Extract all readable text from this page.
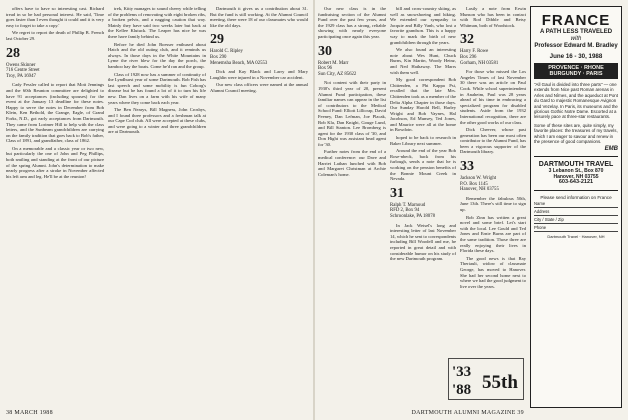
offers have to have so interesting cast. Richard tread in so be had personal interest. He said, 'Time goes faster than I even thought it could and it is very easy to forget to take a copy.'

We regret to report the death of Phillip B. French last October 29.

28
Owens Skinner
716 Centre Street
Troy, PA 16947

Cady Fessler called to report that Mott Jennings and the 60th Reunion committee are delighted to have 91 acceptances (including spouses) for the event at the January 13 deadline for these notes. Happy to serve the notes in December from Bob Klein, Ken Bethold, the Grange, Eagle, of Grand Forks, N.D., got early acceptances from Dartmouth. They came from Lorimer Hill to help with the class letters, and the Sunbeam grandchildren are carrying on the family tradition that goes back to Bob's father, Class of 1891, and grandfather, class of 1862.

On a memorable and a classic year or two new, but particularly the one of John and Peg Phillips, both smiling and standing at the front of our picture of the spring Alumni. John's determination to make nearly progress after a stroke in November affected his left arm and leg. He'll be at the reunion!

trek, Kitty manages to sound cheery while telling of the problems of renovating with eight broken ribs, a broken pelvis, and a nagging caution that way. Mainly they have said two weeks later but back at the Kellee Klutuck. The Leaper has nice he was there have family behind us.

Before he died John Boesser enthused about Hatch and the old outing club, and it reminds us always. In those days in the White Mountains in Lyme the river blew for the day the porch, the bamboo hay the boats. Come he'd ran and the group.

Class of 1928 now has a summer of continuity of the Lyndhurst year of some Dartmouth. Bob Fish has last speech and some mobility is fun Coborg's disease but he has found a lot of it to turn his life new. Dan lives on a farm with his wife of many years where they come back each year.

The Ben Nearys, Bill Magness, John Crosbys, and I found three professors and a freshman talk at our Cape Cod club. All were accepted at these clubs, and were going to a winter and three grandchildren are at Dartmouth.

Dartmouth it gives us a contribution about 31. But the fund is still working. At the Alumni Council meeting, there were 18 of our classmates who would like the old days.

29
Harold C. Ripley
Box 290
Menemsha Beach, MA 02553

Dick and Kay Black and Larry and Mary Laughlin were injured in a November car accident.

Our new class officers were named at the annual Alumni Council meeting.

38 MARCH 1988

Our new class is in the fundraising section of the Alumni Fund over the past few years, and the 1929 class has a strong, reliable showing with nearly everyone participating once again this year.

30
Robert M. Marr
Box 96
Sun City, AZ 85622

Not content with their party in 1930's third year of 20, present Alumni Fund participation, these familiar names can appear in the list of contributors to the Medical School Fund: Elliott Lillicrap, David Feeney, Dan Lefman, Joe Placak, Bob Kla, Dan Knight, Gouge Lund, and Bill Stanton. Lee Bromberg is agent for the 1930 class of '30, and Don Hight was assistant head agent for '30.

Further notes from the end of a medical conference: our Dave and Harriet Lathan lunched with Bob and Margaret Christman at Archie Coleman's home.

bill and cross-country skiing, as well as snowshoeing and hiking. We extended our sympathy to Jacquie and Billy Vanh, who lost a favorite grandson. This is a happy way to mark the birth of new grandchildren through the years.

We also found an interesting note about Wes Hunt, Chuck Burns, Kin Martin, Woody Heinz, and Ned Hathaway. The Marrs wish them well.

My good correspondent Bob Chittenden, a Phi Kappa Psi, recalled that the late Mrs. Chittenden took as a member of the Delta Alpha Chapter in those days. Our Sunday Harold Bell, Harley Wright and Bob Vaynes, Hal Jacobson, Ed Munsey, Ted Jones, and Maurice were all at the home in Bowdoin.

hoped to be back to research in Baker Library next summer.

Around the end of the year Bob Rose-nbeck, back from his furlough, sends a note that he is working on the pension benefits of the Bonnie Mount Creek in Nevada.

31
Ralph T. Marnoud
RFD 2, Box 94
Schroonlake, PA 18078

In Jack Weisel's long and interesting letter of last November 14, which he sent to correspondents including Bill Woodell and me, he reported in great detail and with considerable humor on his study of the new Dartmouth program.

Lastly a note from Erwin Munson who has been in contact with Rod Dibble and Betsy Whitman, both of Woodstock.

32
Harry F. Rowe
Box 296
Gorham, NH 03581

For those who missed the Los Angeles Times of last November 30 there was an article on Paul Cook. While school superintendent in Anaheim, Paul was 28 years ahead of his time in embracing a specialized program for disabled students. Aside from the 1932 International recognition, there are the other good works of our class.

Dick Cheever, whose past generation has been our most often contributor to the Alumni Fund, has been a vigorous supporter of the Dartmouth library.

33
Jackson W. Wright
P.O. Box 1145
Hanover, NH 03755

Remember the fabulous 50th, June 13th. There's still time to sign up.

Bob Zinn has written a great novel and some brief. Let's start with the local. Lee Gould and Ted Jones and Ernie Burns are part of the same tradition. Those three are really enjoying their lives in Florida these days.

The good news is that Ray Theriault, widow of classmate George, has moved to Hanover. She had her second home next to where we had the good judgment to live over the years.

'33
'88 55th
DARTMOUTH ALUMNI MAGAZINE 39
FRANCE
A PATH LESS TRAVELED
with
Professor Edward M. Bradley
June 16 - 30, 1988
PROVENCE · RHONE BURGUNDY · PARIS
"All Gaul is divided into three parts" — one extends from Nice past Roman arenas in Arles and Nîmes, and the aqueduct at Pont du Gard to majestic Romanesque Avignon and Vezelay. In Paris, its museums and the glorious Gothic Notre Dame. Escorted at a leisurely pace at three-star restaurants.
Some of these sites are, quite simply, my favorite places: the treasures of my travels, which I am eager to savour and renew in the presence of good companions.
EMB
DARTMOUTH TRAVEL
3 Lebanon St., Box 870
Hanover, NH 03755
603-643-2121
Please send information on France
Name
Address
City / State / Zip
Phone
Dartmouth Travel · Hanover, NH
